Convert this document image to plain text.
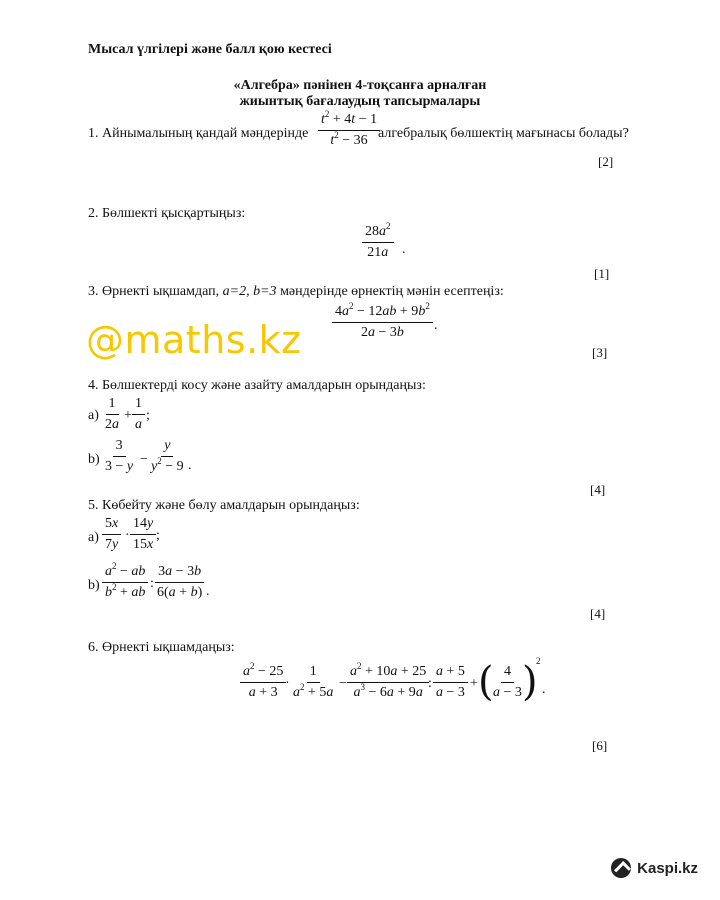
Мысал үлгілері және балл қою кестесі
«Алгебра» пәнінен 4-тоқсанға арналған
жиынтық бағалаудың тапсырмалары
1. Айнымалының қандай мәндерінде $\frac{t^2 + 4t - 1}{t^2 - 36}$
алгебралық бөлшектің мағынасы болады?
[2]
2. Бөлшекті қысқартыңыз:
$\frac{28a^2}{21a}$ .
[1]
3. Өрнекті ықшамдап, a=2, b=3 мәндерінде өрнектің мәнін есептеңіз:
$\frac{4a^2 - 12ab + 9b^2}{2a - 3b}$ .
[3]
@maths.kz
4. Бөлшектерді косу және азайту амалдарын орындаңыз:
$а) \frac{1}{2a} + \frac{1}{a}$ ;
$b) \frac{3}{3 - y} - \frac{y}{y^2 - 9}$ .
[4]
5. Көбейту және бөлу амалдарын орындаңыз:
$а) \frac{5x}{7y} \cdot \frac{14y}{15x}$ ;
$b) \frac{a^2 - ab}{b^2 + ab}$ : $\frac{3a - 3b}{6(a + b)}$ .
[4]
6. Өрнекті ықшамдаңыз:
$\frac{a^2 - 25}{a + 3}$
· $\frac{1}{a^2 + 5a} - \frac{a^2 + 10a + 25}{a^3 - 6a + 9a}$
: $\frac{a + 5}{a - 3}$ + (
$\frac{4}{a - 3}$
)
2
.
[6]
Kaspi.kz
